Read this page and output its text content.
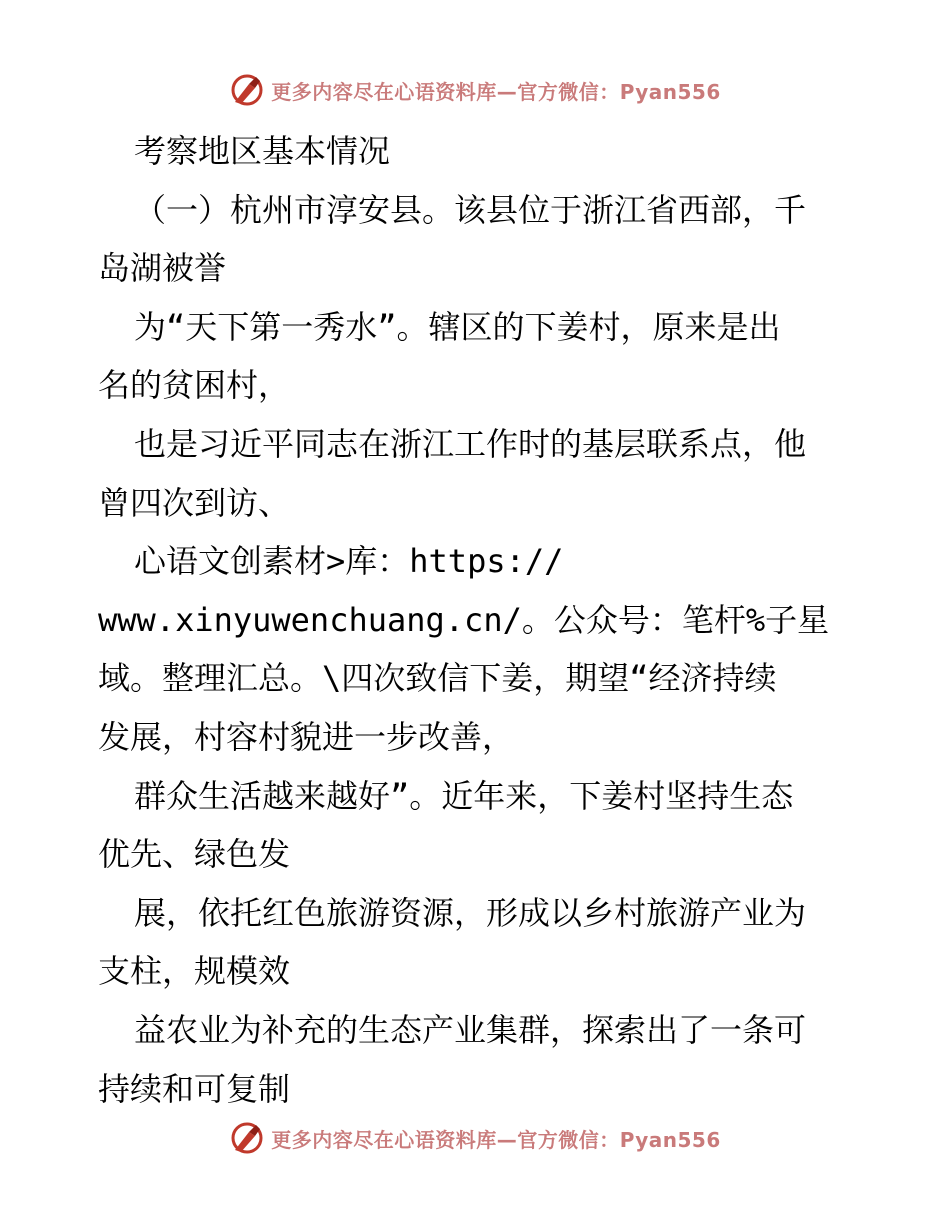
更多内容尽在心语资料库—官方微信：Pyan556
考察地区基本情况
（一）杭州市淳安县。该县位于浙江省西部，千
岛湖被誉
为“天下第一秀水”。辖区的下姜村，原来是出
名的贫困村，
也是习近平同志在浙江工作时的基层联系点，他
曾四次到访、
心语文创素材>库：https://
www.xinyuwenchuang.cn/。公众号：笔杆%子星
域。整理汇总。\四次致信下姜，期望“经济持续
发展，村容村貌进一步改善，
群众生活越来越好”。近年来，下姜村坚持生态
优先、绿色发
展，依托红色旅游资源，形成以乡村旅游产业为
支柱，规模效
益农业为补充的生态产业集群，探索出了一条可
持续和可复制
更多内容尽在心语资料库—官方微信：Pyan556
